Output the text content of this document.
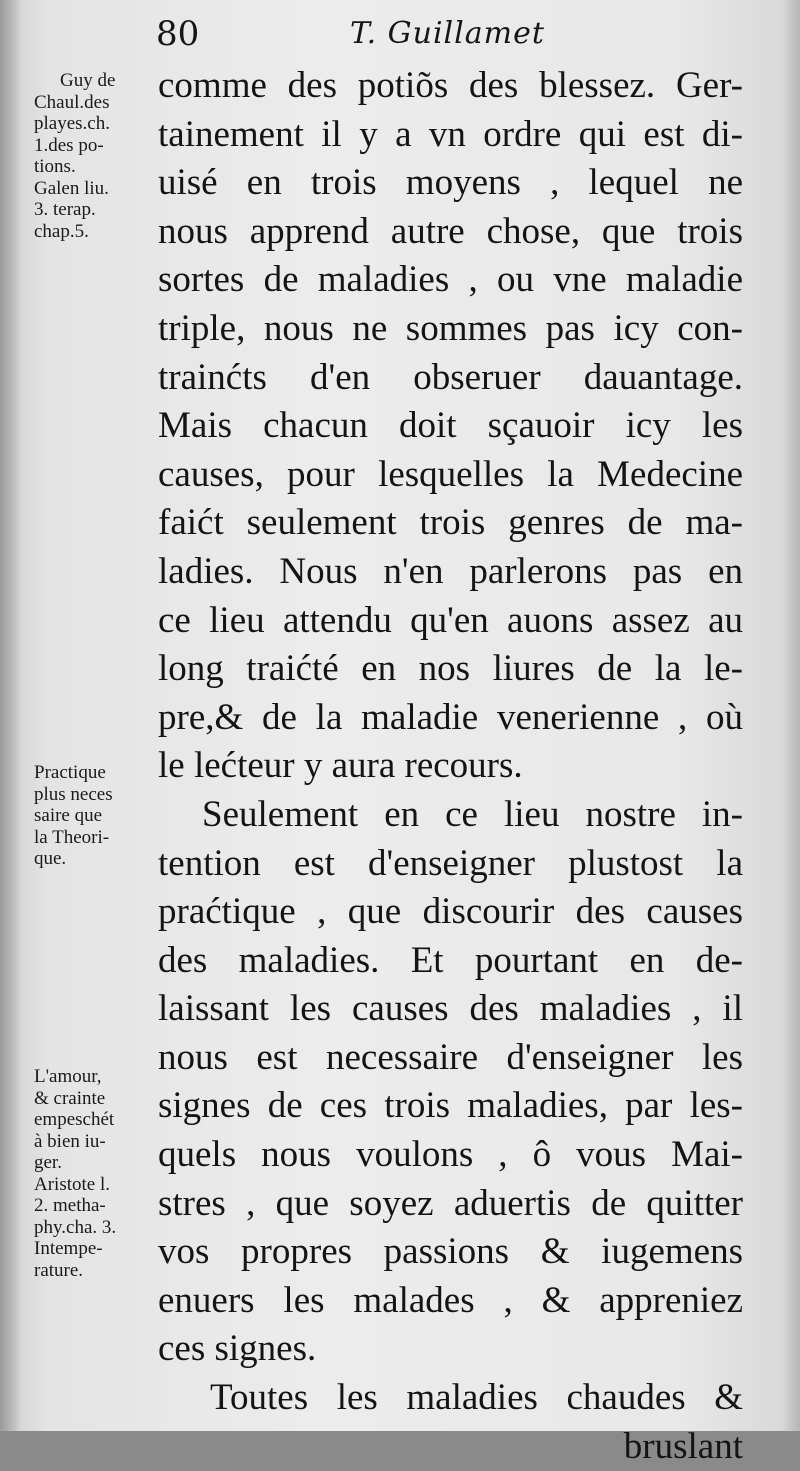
80	T. Guillamet
Guy de
Chaul.des
playes.ch.
1.des po-
tions.
Galen liu.
3. terap.
chap.5.
Practique
plus neces
saire que
la Theori-
que.
L'amour,
& crainte
empeschét
à bien iu-
ger.
Aristote l.
2. metha-
phy.cha. 3.
Intempe-
rature.
comme des potiõs des blessez. Ger-
tainement il y a vn ordre qui est di-
uisé en trois moyens , lequel ne
nous apprend autre chose, que trois
sortes de maladies , ou vne maladie
triple, nous ne sommes pas icy con-
trainćts d'en obseruer dauantage.
Mais chacun doit sçauoir icy les
causes, pour lesquelles la Medecine
faićt seulement trois genres de ma-
ladies. Nous n'en parlerons pas en
ce lieu attendu qu'en auons assez au
long traićté en nos liures de la le-
pre,& de la maladie venerienne , où
le lećteur y aura recours.
Seulement en ce lieu nostre in-
tention est d'enseigner plustost la
praćtique , que discourir des causes
des maladies. Et pourtant en de-
laissant les causes des maladies , il
nous est necessaire d'enseigner les
signes de ces trois maladies, par les-
quels nous voulons , ô vous Mai-
stres , que soyez aduertis de quitter
vos propres passions & iugemens
enuers les malades , & appreniez
ces signes.
Toutes les maladies chaudes &
bruslant
